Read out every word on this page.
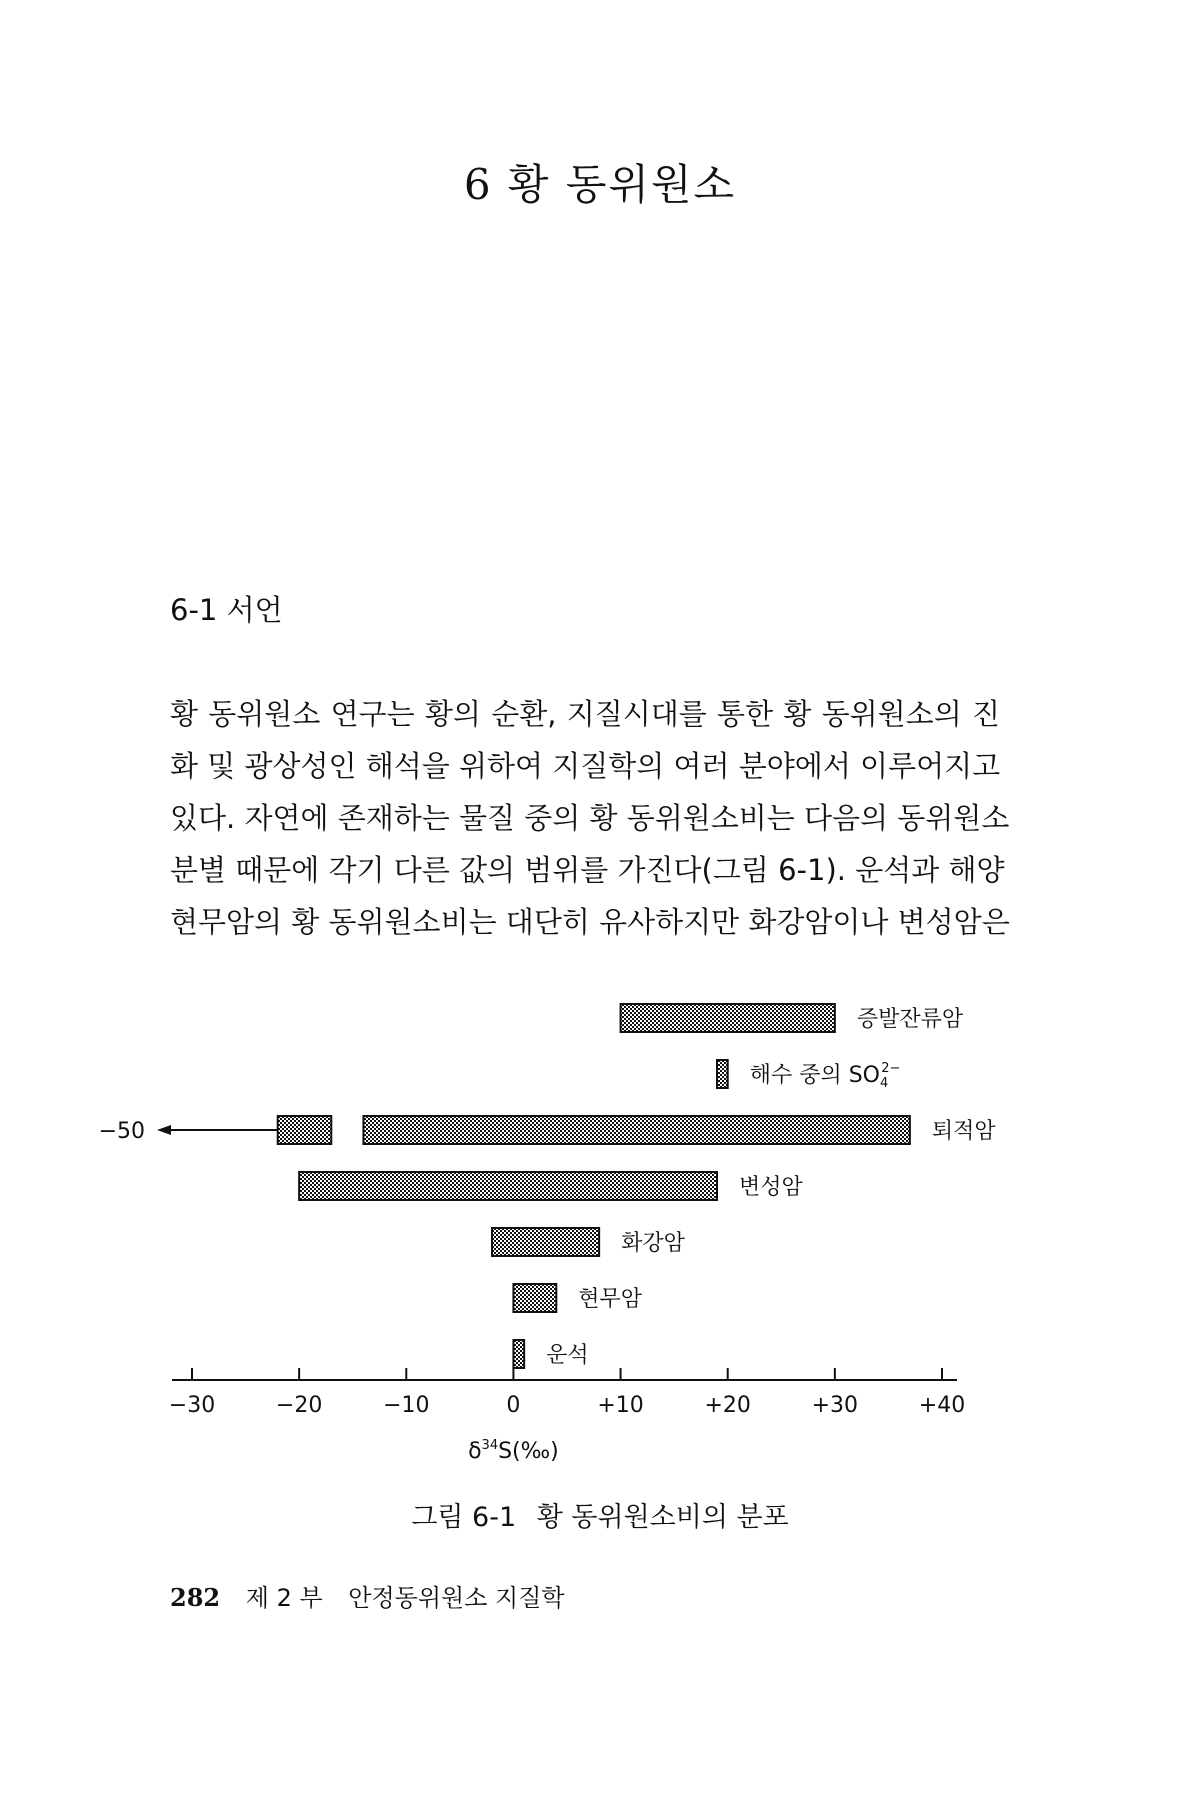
6 황 동위원소
6-1 서언
황 동위원소 연구는 황의 순환, 지질시대를 통한 황 동위원소의 진
화 및 광상성인 해석을 위하여 지질학의 여러 분야에서 이루어지고
있다. 자연에 존재하는 물질 중의 황 동위원소비는 다음의 동위원소
분별 때문에 각기 다른 값의 범위를 가진다(그림 6-1). 운석과 해양
현무암의 황 동위원소비는 대단히 유사하지만 화강암이나 변성암은
증발잔류암
해수 중의 $SO_42-$
퇴적암
−50
변성암
화강암
현무암
운석
−30	−20	−10	0	+10	+20	+30	+40
$\delta^{34}S(‰)$
그림 6-1 황 동위원소비의 분포
282 제 2 부 안정동위원소 지질학
